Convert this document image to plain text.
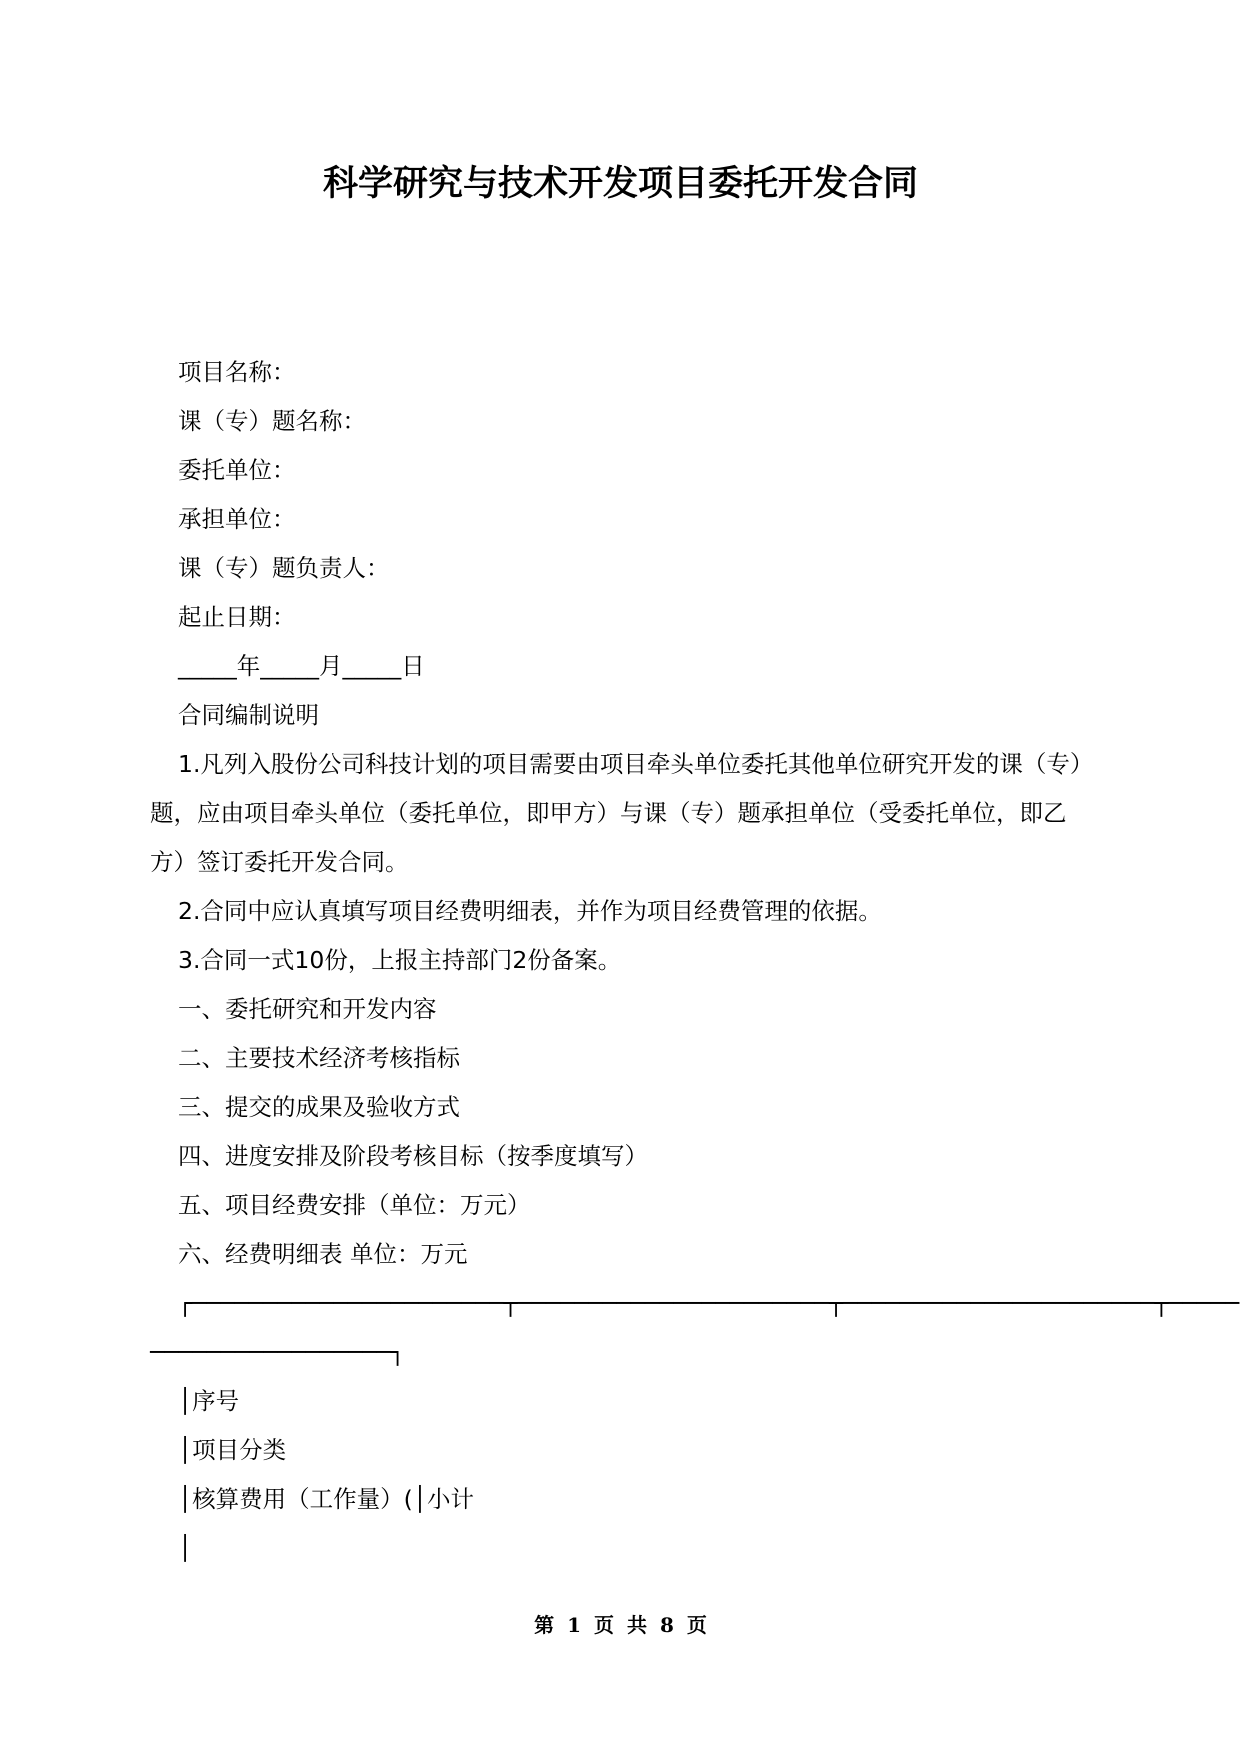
科学研究与技术开发项目委托开发合同
项目名称：
课（专）题名称：
委托单位：
承担单位：
课（专）题负责人：
起止日期：
_____年_____月_____日
合同编制说明
1.凡列入股份公司科技计划的项目需要由项目牵头单位委托其他单位研究开发的课（专）题，应由项目牵头单位（委托单位，即甲方）与课（专）题承担单位（受委托单位，即乙方）签订委托开发合同。
2.合同中应认真填写项目经费明细表，并作为项目经费管理的依据。
3.合同一式10份，上报主持部门2份备案。
一、委托研究和开发内容
二、主要技术经济考核指标
三、提交的成果及验收方式
四、进度安排及阶段考核目标（按季度填写）
五、项目经费安排（单位：万元）
六、经费明细表 单位：万元
┌──────────────────────┬──────────────────────┬──────────────────────┬─────
─────────────────┐
│序号
│项目分类
│核算费用（工作量）(│小计
│
第 1 页 共 8 页
